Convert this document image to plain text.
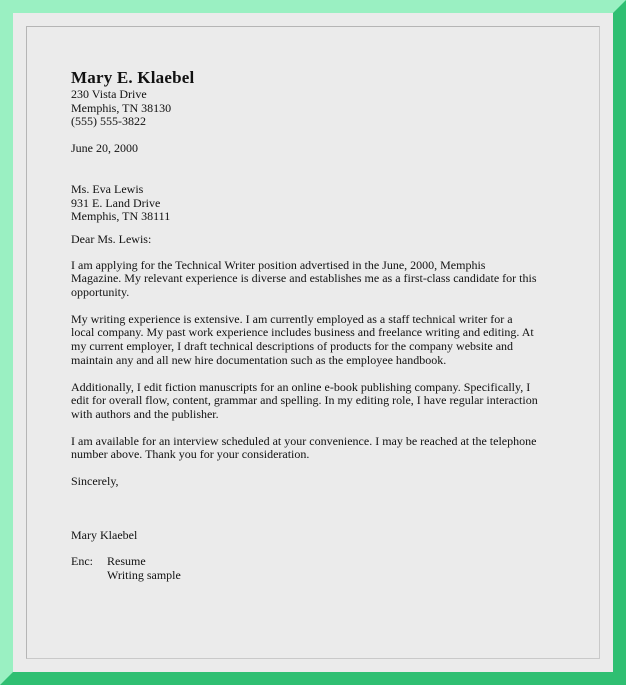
Mary E. Klaebel
230 Vista Drive
Memphis, TN 38130
(555) 555-3822
June 20, 2000
Ms. Eva Lewis
931 E. Land Drive
Memphis, TN 38111
Dear Ms. Lewis:
I am applying for the Technical Writer position advertised in the June, 2000, Memphis
Magazine. My relevant experience is diverse and establishes me as a first-class candidate for this
opportunity.
My writing experience is extensive. I am currently employed as a staff technical writer for a
local company. My past work experience includes business and freelance writing and editing. At
my current employer, I draft technical descriptions of products for the company website and
maintain any and all new hire documentation such as the employee handbook.
Additionally, I edit fiction manuscripts for an online e-book publishing company. Specifically, I
edit for overall flow, content, grammar and spelling. In my editing role, I have regular interaction
with authors and the publisher.
I am available for an interview scheduled at your convenience. I may be reached at the telephone
number above. Thank you for your consideration.
Sincerely,
Mary Klaebel
Enc:	Resume
Writing sample
